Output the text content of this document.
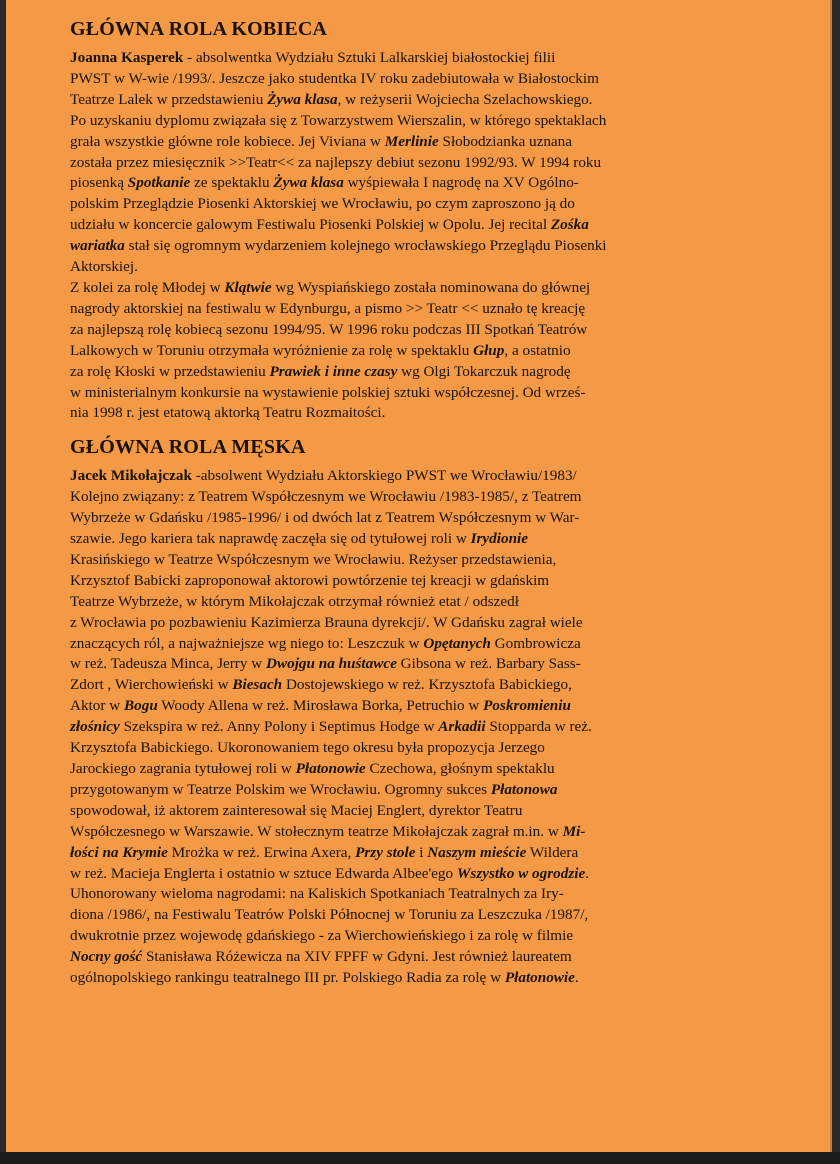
GŁÓWNA ROLA KOBIECA
Joanna Kasperek - absolwentka Wydziału Sztuki Lalkarskiej białostockiej filii
PWST w W-wie /1993/. Jeszcze jako studentka IV roku zadebiutowała w Białostockim
Teatrze Lalek w przedstawieniu Żywa klasa, w reżyserii Wojciecha Szelachowskiego.
Po uzyskaniu dyplomu związała się z Towarzystwem Wierszalin, w którego spektaklach
grała wszystkie główne role kobiece. Jej Viviana w Merlinie Słobodzianka uznana
została przez miesięcznik >>Teatr<< za najlepszy debiut sezonu 1992/93. W 1994 roku
piosenką Spotkanie ze spektaklu Żywa klasa wyśpiewała I nagrodę na XV Ogólno-
polskim Przeglądzie Piosenki Aktorskiej we Wrocławiu, po czym zaproszono ją do
udziału w koncercie galowym Festiwalu Piosenki Polskiej w Opolu. Jej recital Zośka
wariatka stał się ogromnym wydarzeniem kolejnego wrocławskiego Przeglądu Piosenki
Aktorskiej.
Z kolei za rolę Młodej w Klątwie wg Wyspiańskiego została nominowana do głównej
nagrody aktorskiej na festiwalu w Edynburgu, a pismo >> Teatr << uznało tę kreację
za najlepszą rolę kobiecą sezonu 1994/95. W 1996 roku podczas III Spotkań Teatrów
Lalkowych w Toruniu otrzymała wyróżnienie za rolę w spektaklu Głup, a ostatnio
za rolę Kłoski w przedstawieniu Prawiek i inne czasy wg Olgi Tokarczuk nagrodę
w ministerialnym konkursie na wystawienie polskiej sztuki współczesnej. Od wrześ-
nia 1998 r. jest etatową aktorką Teatru Rozmaitości.
GŁÓWNA ROLA MĘSKA
Jacek Mikołajczak -absolwent Wydziału Aktorskiego PWST we Wrocławiu/1983/
Kolejno związany: z Teatrem Współczesnym we Wrocławiu /1983-1985/, z Teatrem
Wybrzeże w Gdańsku /1985-1996/ i od dwóch lat z Teatrem Współczesnym w War-
szawie. Jego kariera tak naprawdę zaczęła się od tytułowej roli w Irydionie
Krasińskiego w Teatrze Współczesnym we Wrocławiu. Reżyser przedstawienia,
Krzysztof Babicki zaproponował aktorowi powtórzenie tej kreacji w gdańskim
Teatrze Wybrzeże, w którym Mikołajczak otrzymał również etat / odszedł
z Wrocławia po pozbawieniu Kazimierza Brauna dyrekcji/. W Gdańsku zagrał wiele
znaczących ról, a najważniejsze wg niego to: Leszczuk w Opętanych Gombrowicza
w reż. Tadeusza Minca, Jerry w Dwojgu na huśtawce Gibsona w reż. Barbary Sass-
Zdort , Wierchowieński w Biesach Dostojewskiego w reż. Krzysztofa Babickiego,
Aktor w Bogu Woody Allena w reż. Mirosława Borka, Petruchio w Poskromieniu
złośnicy Szekspira w reż. Anny Polony i Septimus Hodge w Arkadii Stopparda w reż.
Krzysztofa Babickiego. Ukoronowaniem tego okresu była propozycja Jerzego
Jarockiego zagrania tytułowej roli w Płatonowie Czechowa, głośnym spektaklu
przygotowanym w Teatrze Polskim we Wrocławiu. Ogromny sukces Płatonowa
spowodował, iż aktorem zainteresował się Maciej Englert, dyrektor Teatru
Współczesnego w Warszawie. W stołecznym teatrze Mikołajczak zagrał m.in. w Mi-
łości na Krymie Mrożka w reż. Erwina Axera, Przy stole i Naszym mieście Wildera
w reż. Macieja Englerta i ostatnio w sztuce Edwarda Albee'ego Wszystko w ogrodzie.
Uhonorowany wieloma nagrodami: na Kaliskich Spotkaniach Teatralnych za Iry-
diona /1986/, na Festiwalu Teatrów Polski Północnej w Toruniu za Leszczuka /1987/,
dwukrotnie przez wojewodę gdańskiego - za Wierchowieńskiego i za rolę w filmie
Nocny gość Stanisława Różewicza na XIV FPFF w Gdyni. Jest również laureatem
ogólnopolskiego rankingu teatralnego III pr. Polskiego Radia za rolę w Płatonowie.
